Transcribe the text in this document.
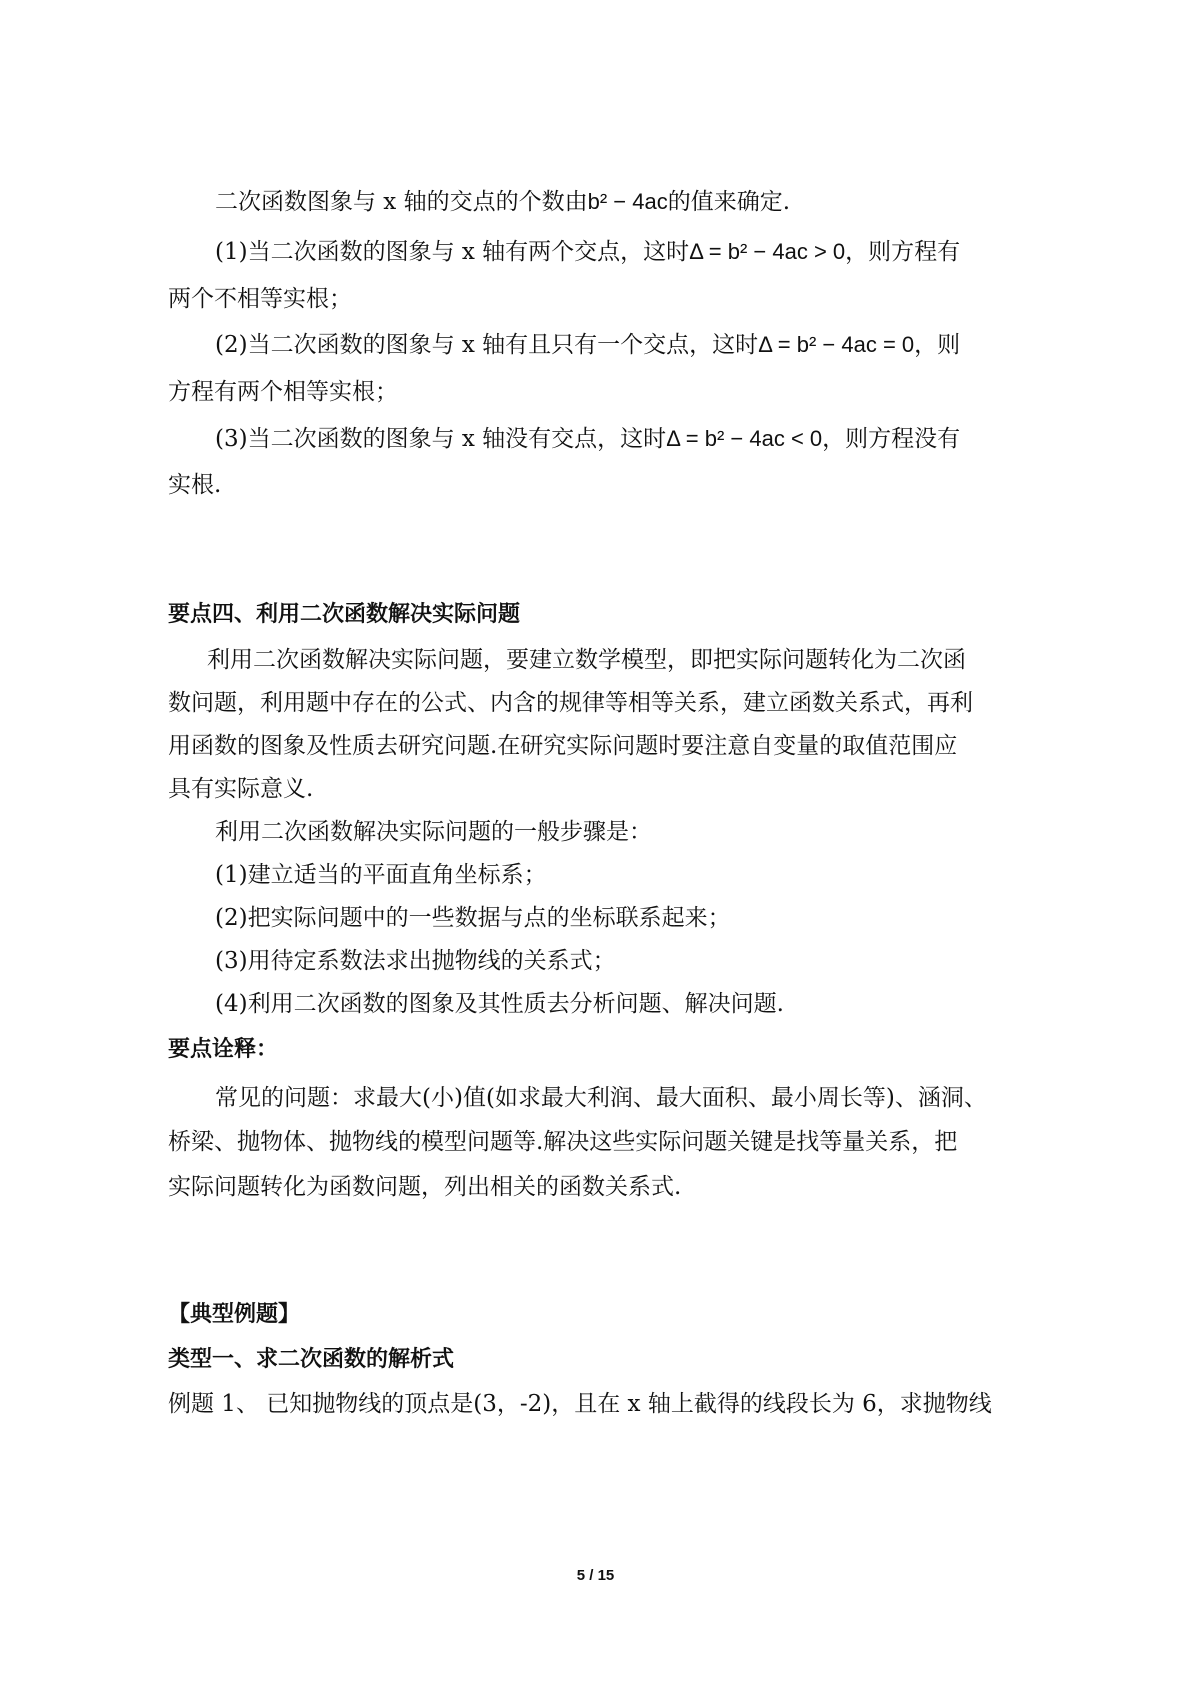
二次函数图象与 x 轴的交点的个数由b² − 4ac的值来确定.
(1)当二次函数的图象与 x 轴有两个交点，这时Δ = b² − 4ac > 0，则方程有
两个不相等实根；
(2)当二次函数的图象与 x 轴有且只有一个交点，这时Δ = b² − 4ac = 0，则
方程有两个相等实根；
(3)当二次函数的图象与 x 轴没有交点，这时Δ = b² − 4ac < 0，则方程没有
实根.
要点四、利用二次函数解决实际问题
利用二次函数解决实际问题，要建立数学模型，即把实际问题转化为二次函
数问题，利用题中存在的公式、内含的规律等相等关系，建立函数关系式，再利
用函数的图象及性质去研究问题.在研究实际问题时要注意自变量的取值范围应
具有实际意义.
利用二次函数解决实际问题的一般步骤是：
(1)建立适当的平面直角坐标系；
(2)把实际问题中的一些数据与点的坐标联系起来；
(3)用待定系数法求出抛物线的关系式；
(4)利用二次函数的图象及其性质去分析问题、解决问题.
要点诠释：
常见的问题：求最大(小)值(如求最大利润、最大面积、最小周长等)、涵洞、
桥梁、抛物体、抛物线的模型问题等.解决这些实际问题关键是找等量关系，把
实际问题转化为函数问题，列出相关的函数关系式.
【典型例题】
类型一、求二次函数的解析式
例题 1、 已知抛物线的顶点是(3，-2)，且在 x 轴上截得的线段长为 6，求抛物线
5 / 15
